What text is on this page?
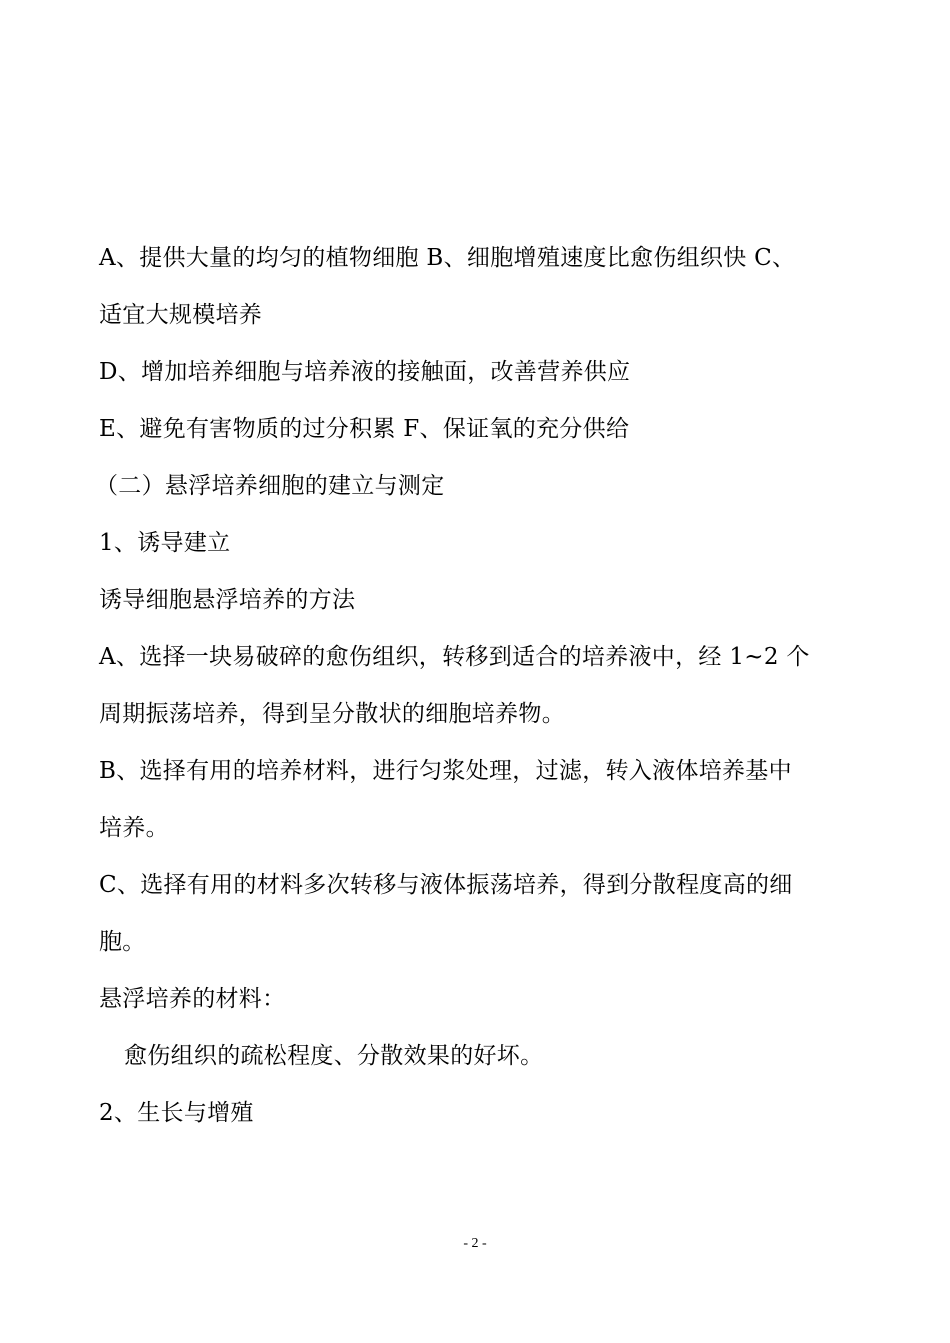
A、提供大量的均匀的植物细胞 B、细胞增殖速度比愈伤组织快 C、
适宜大规模培养
D、增加培养细胞与培养液的接触面，改善营养供应
E、避免有害物质的过分积累 F、保证氧的充分供给
（二）悬浮培养细胞的建立与测定
1、诱导建立
诱导细胞悬浮培养的方法
A、选择一块易破碎的愈伤组织，转移到适合的培养液中，经 1~2 个
周期振荡培养，得到呈分散状的细胞培养物。
B、选择有用的培养材料，进行匀浆处理，过滤，转入液体培养基中
培养。
C、选择有用的材料多次转移与液体振荡培养，得到分散程度高的细
胞。
悬浮培养的材料：
愈伤组织的疏松程度、分散效果的好坏。
2、生长与增殖
- 2 -
